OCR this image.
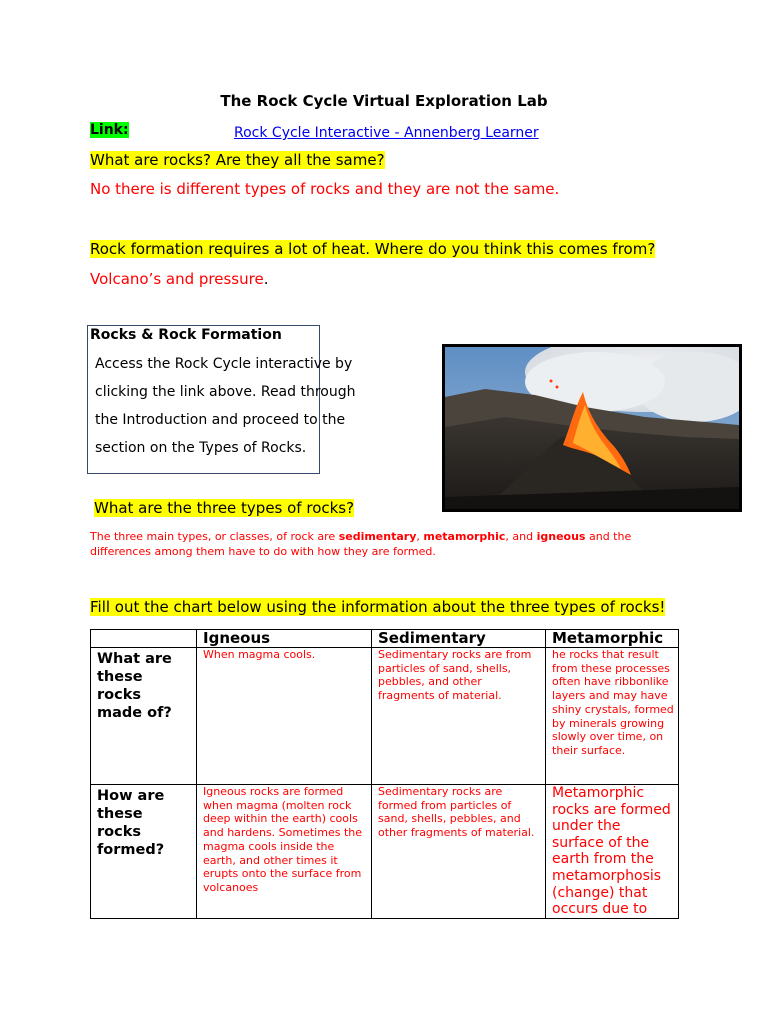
The Rock Cycle Virtual Exploration Lab
Link:	Rock Cycle Interactive - Annenberg Learner
What are rocks? Are they all the same?
No there is different types of rocks and they are not the same.
Rock formation requires a lot of heat. Where do you think this comes from?
Volcano’s and pressure.
Rocks & Rock Formation
Access the Rock Cycle interactive by
clicking the link above. Read through
the Introduction and proceed to the
section on the Types of Rocks.
What are the three types of rocks?
The three main types, or classes, of rock are sedimentary, metamorphic, and igneous and the
differences among them have to do with how they are formed.
Fill out the chart below using the information about the three types of rocks!
	Igneous	Sedimentary	Metamorphic
What are these rocks made of?	When magma cools.	Sedimentary rocks are from particles of sand, shells, pebbles, and other fragments of material.	he rocks that result from these processes often have ribbonlike layers and may have shiny crystals, formed by minerals growing slowly over time, on their surface.
How are these rocks formed?	Igneous rocks are formed when magma (molten rock deep within the earth) cools and hardens. Sometimes the magma cools inside the earth, and other times it erupts onto the surface from volcanoes	Sedimentary rocks are formed from particles of sand, shells, pebbles, and other fragments of material.	Metamorphic rocks are formed under the surface of the earth from the metamorphosis (change) that occurs due to
